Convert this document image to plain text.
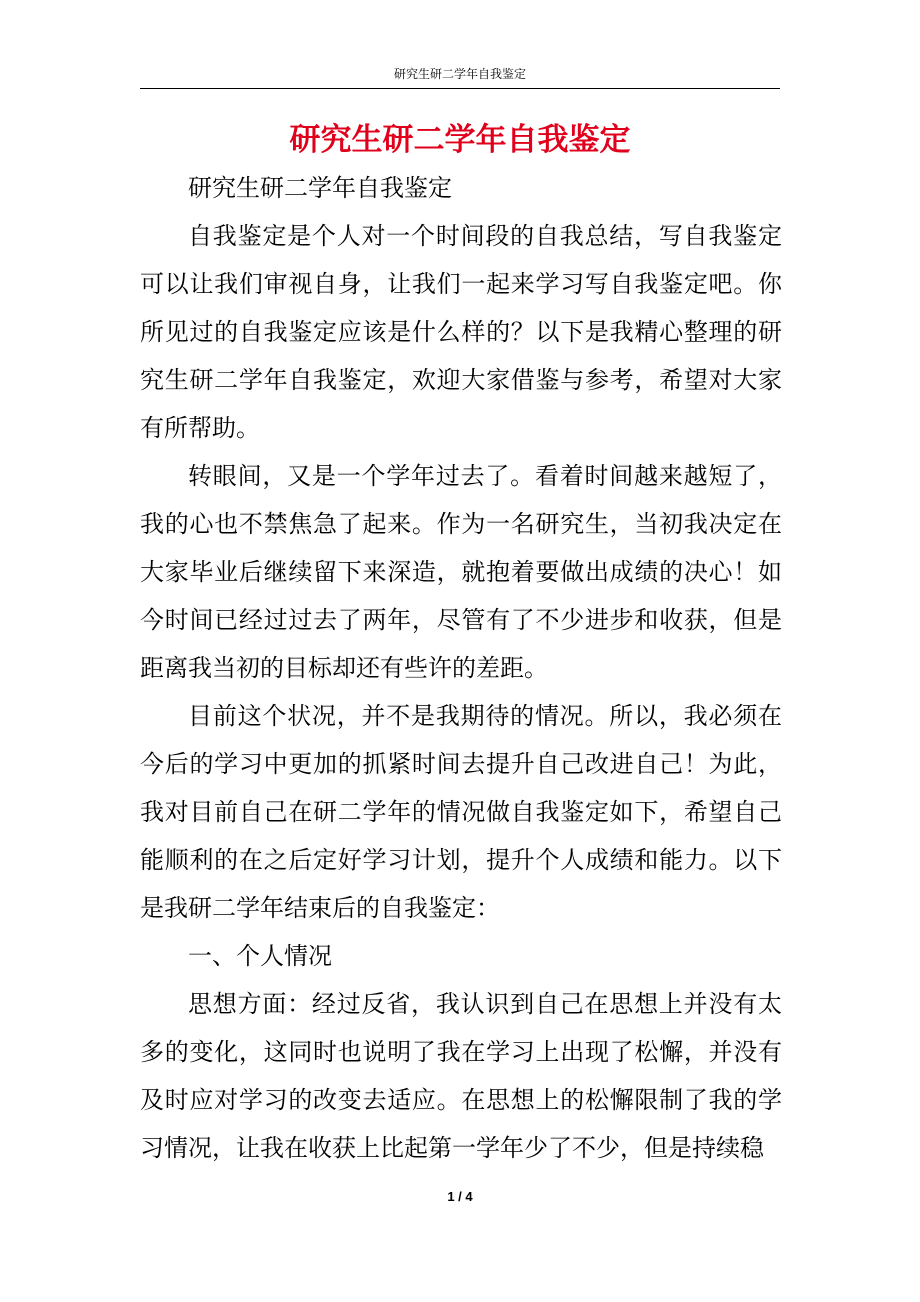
研究生研二学年自我鉴定
研究生研二学年自我鉴定

研究生研二学年自我鉴定

自我鉴定是个人对一个时间段的自我总结，写自我鉴定可以让我们审视自身，让我们一起来学习写自我鉴定吧。你所见过的自我鉴定应该是什么样的？以下是我精心整理的研究生研二学年自我鉴定，欢迎大家借鉴与参考，希望对大家有所帮助。

转眼间，又是一个学年过去了。看着时间越来越短了，我的心也不禁焦急了起来。作为一名研究生，当初我决定在大家毕业后继续留下来深造，就抱着要做出成绩的决心！如今时间已经过过去了两年，尽管有了不少进步和收获，但是距离我当初的目标却还有些许的差距。

目前这个状况，并不是我期待的情况。所以，我必须在今后的学习中更加的抓紧时间去提升自己改进自己！为此，我对目前自己在研二学年的情况做自我鉴定如下，希望自己能顺利的在之后定好学习计划，提升个人成绩和能力。以下是我研二学年结束后的自我鉴定：

一、个人情况

思想方面：经过反省，我认识到自己在思想上并没有太多的变化，这同时也说明了我在学习上出现了松懈，并没有及时应对学习的改变去适应。在思想上的松懈限制了我的学习情况，让我在收获上比起第一学年少了不少，但是持续稳

1 / 4
